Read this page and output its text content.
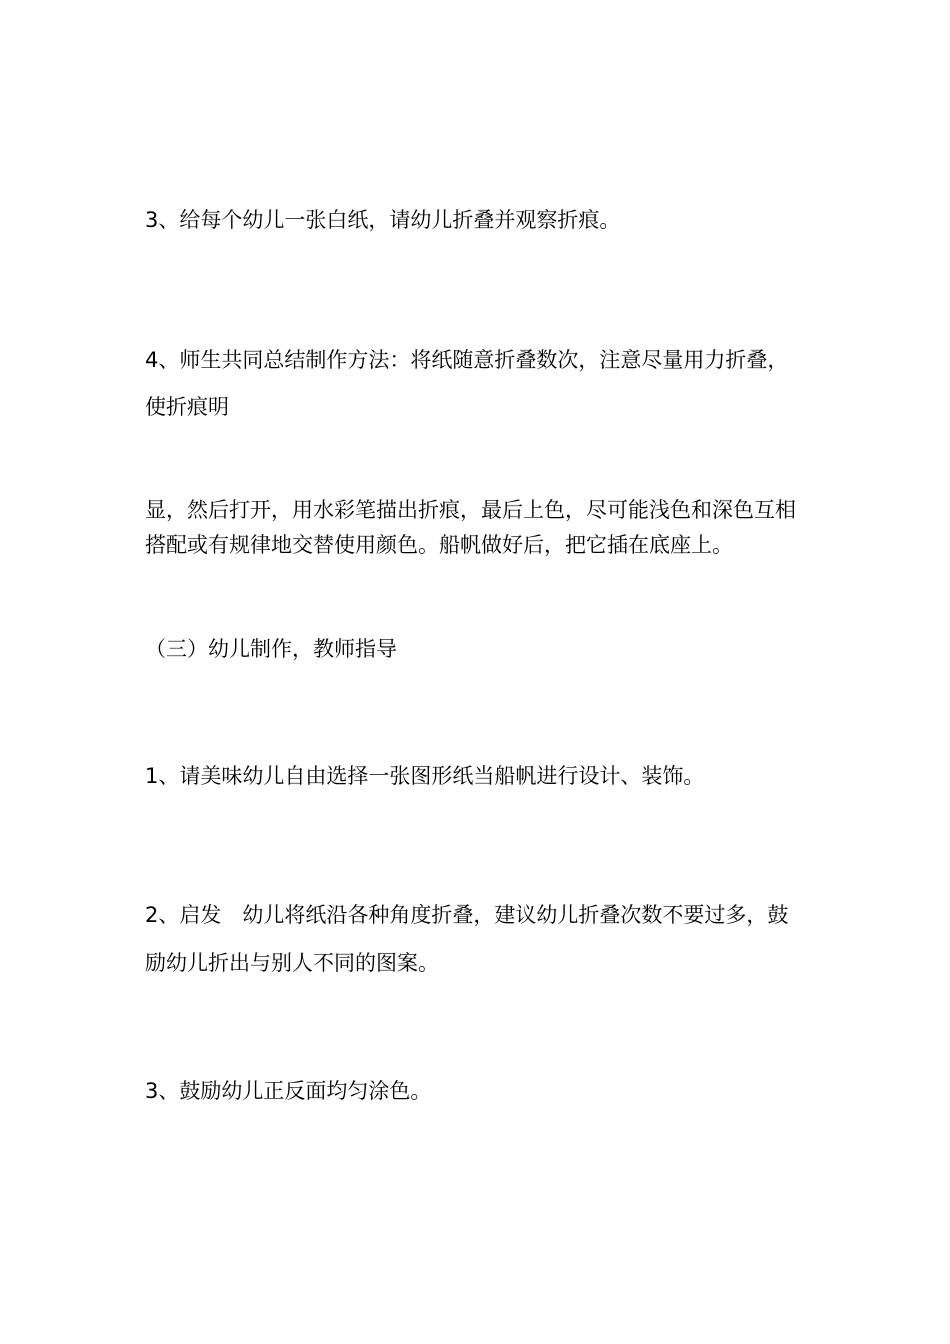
3、给每个幼儿一张白纸，请幼儿折叠并观察折痕。
4、师生共同总结制作方法：将纸随意折叠数次，注意尽量用力折叠，
使折痕明
显，然后打开，用水彩笔描出折痕，最后上色，尽可能浅色和深色互相
搭配或有规律地交替使用颜色。船帆做好后，把它插在底座上。
（三）幼儿制作，教师指导
1、请美味幼儿自由选择一张图形纸当船帆进行设计、装饰。
2、启发　幼儿将纸沿各种角度折叠，建议幼儿折叠次数不要过多，鼓
励幼儿折出与别人不同的图案。
3、鼓励幼儿正反面均匀涂色。
